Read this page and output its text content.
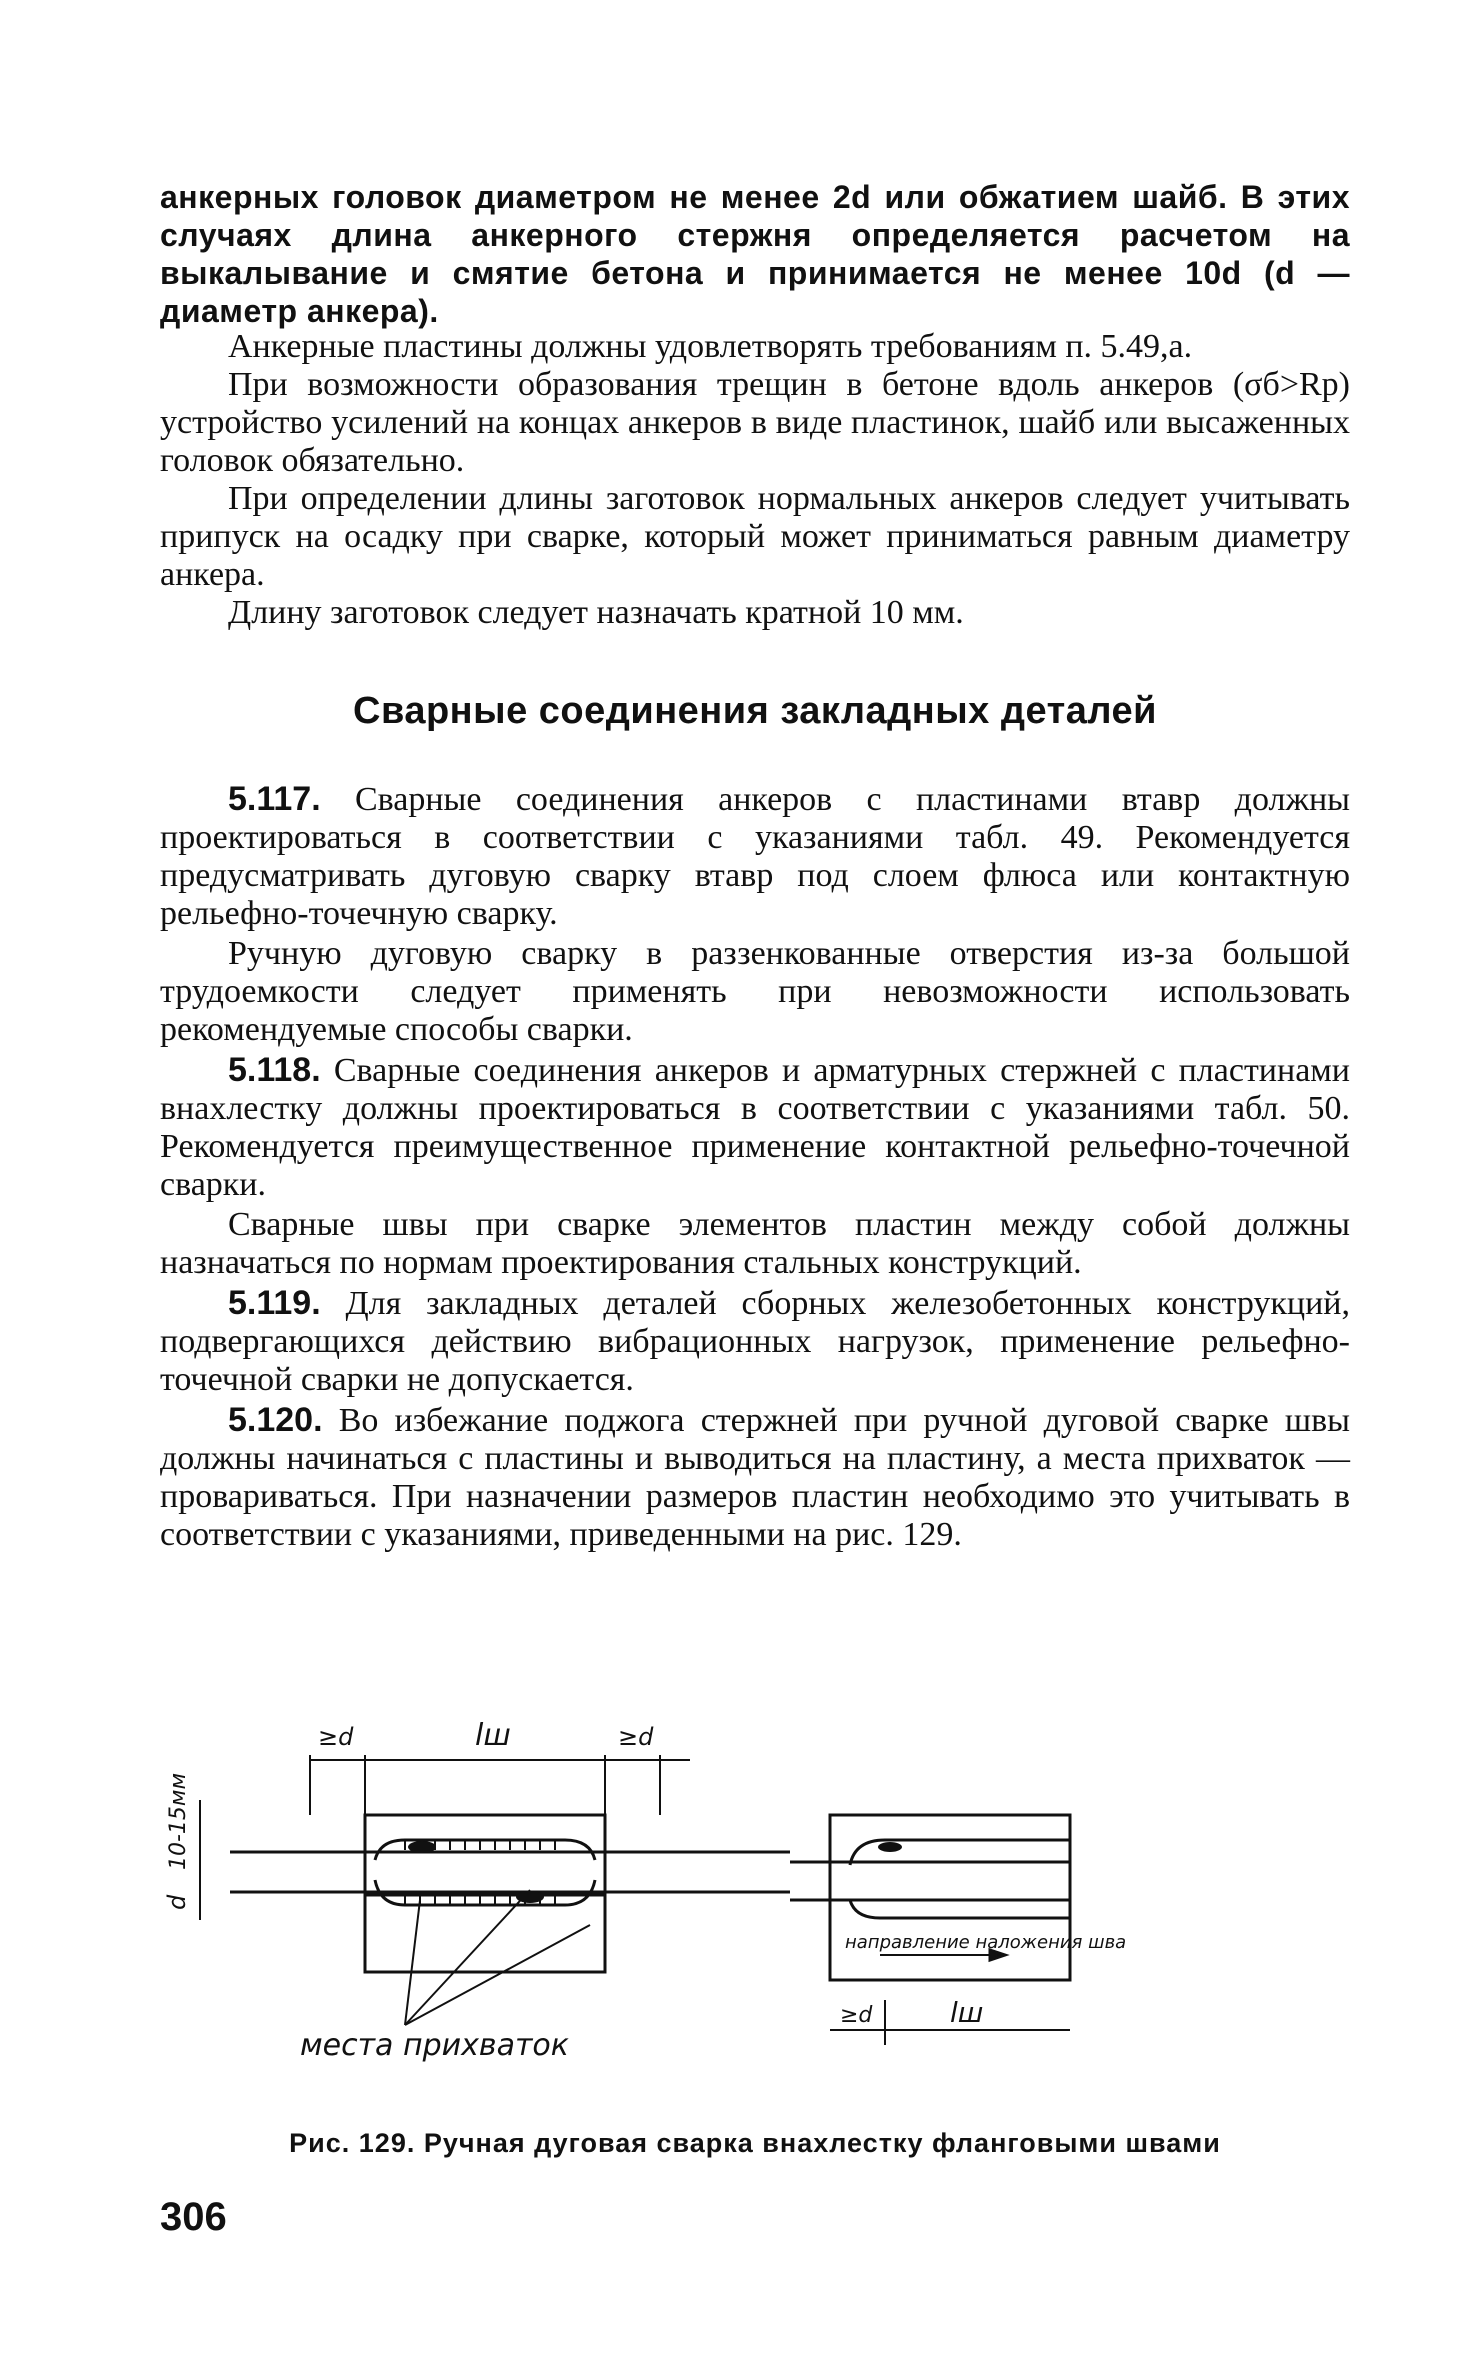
анкерных головок диаметром не менее 2d или обжатием шайб. В этих случаях длина анкерного стержня определяется расчетом на выкалывание и смятие бетона и принимается не менее 10d (d — диаметр анкера).

Анкерные пластины должны удовлетворять требованиям п. 5.49,а.

При возможности образования трещин в бетоне вдоль анкеров (σб>Rр) устройство усилений на концах анкеров в виде пластинок, шайб или высаженных головок обязательно.

При определении длины заготовок нормальных анкеров следует учитывать припуск на осадку при сварке, который может приниматься равным диаметру анкера.

Длину заготовок следует назначать кратной 10 мм.

Сварные соединения закладных деталей

5.117. Сварные соединения анкеров с пластинами втавр должны проектироваться в соответствии с указаниями табл. 49. Рекомендуется предусматривать дуговую сварку втавр под слоем флюса или контактную рельефно-точечную сварку.

Ручную дуговую сварку в раззенкованные отверстия из-за большой трудоемкости следует применять при невозможности использовать рекомендуемые способы сварки.

5.118. Сварные соединения анкеров и арматурных стержней с пластинами внахлестку должны проектироваться в соответствии с указаниями табл. 50. Рекомендуется преимущественное применение контактной рельефно-точечной сварки.

Сварные швы при сварке элементов пластин между собой должны назначаться по нормам проектирования стальных конструкций.

5.119. Для закладных деталей сборных железобетонных конструкций, подвергающихся действию вибрационных нагрузок, применение рельефно-точечной сварки не допускается.

5.120. Во избежание поджога стержней при ручной дуговой сварке швы должны начинаться с пластины и выводиться на пластину, а места прихваток — провариваться. При назначении размеров пластин необходимо это учитывать в соответствии с указаниями, приведенными на рис. 129.

≥d	lш	≥d
d
10-15мм
места прихваток
направление наложения шва
≥d	lш
Рис. 129. Ручная дуговая сварка внахлестку фланговыми швами
306
